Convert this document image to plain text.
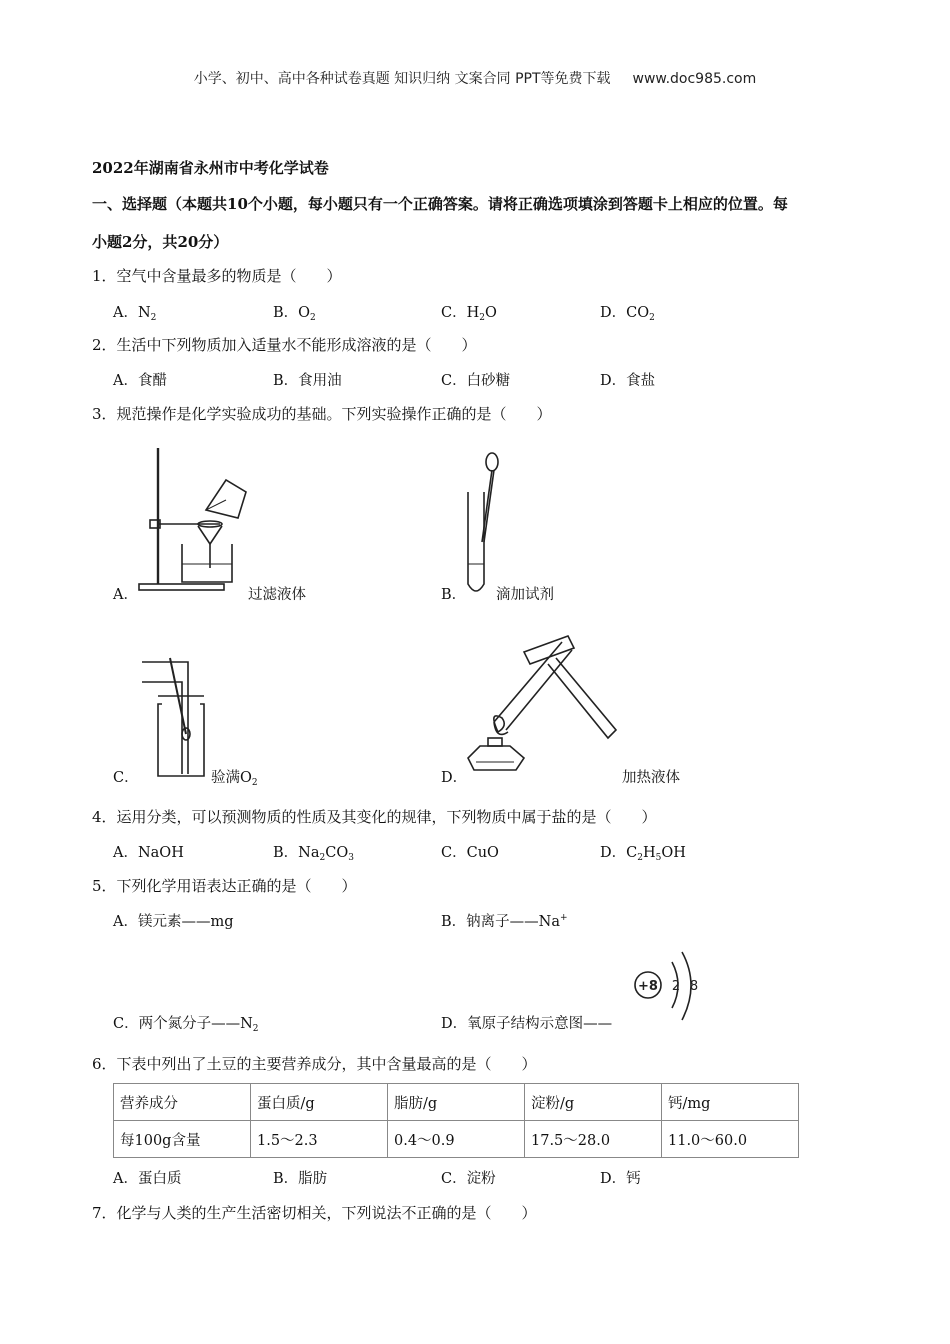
小学、初中、高中各种试卷真题 知识归纳 文案合同 PPT等免费下载 www.doc985.com
2022年湖南省永州市中考化学试卷
一、选择题（本题共10个小题，每小题只有一个正确答案。请将正确选项填涂到答题卡上相应的位置。每
小题2分，共20分）
1．空气中含量最多的物质是（　　）
A．$N_2$	B．$O_2$	C．$H_2O$	D．$CO_2$
2．生活中下列物质加入适量水不能形成溶液的是（　　）
A．食醋	B．食用油	C．白砂糖	D．食盐
3．规范操作是化学实验成功的基础。下列实验操作正确的是（　　）
A．	过滤液体	B． 滴加试剂
C．	验满$O_2$	D．	加热液体
4．运用分类，可以预测物质的性质及其变化的规律，下列物质中属于盐的是（　　）
A．NaOH	B．$Na_2CO_3$	C．CuO	D．$C_2H_5OH$
5．下列化学用语表达正确的是（　　）
A．镁元素——mg	B．钠离子——Na+
C．两个氮分子$——N_2$	D．氧原子结构示意图——
+8 2 8
6．下表中列出了土豆的主要营养成分，其中含量最高的是（　　）
营养成分	蛋白质/g	脂肪/g	淀粉/g	钙/mg
每100g含量	1.5～2.3	0.4～0.9	17.5～28.0	11.0～60.0
A．蛋白质	B．脂肪	C．淀粉	D．钙
7．化学与人类的生产生活密切相关，下列说法不正确的是（　　）
